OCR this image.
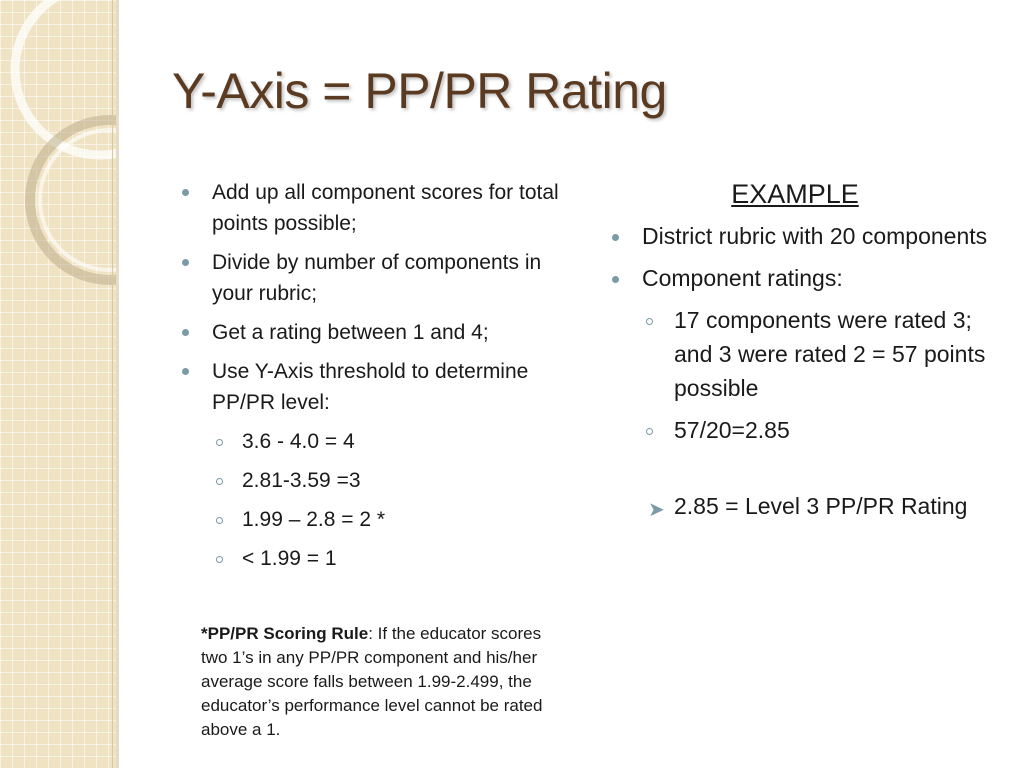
Y-Axis = PP/PR Rating
Add up all component scores for total points possible;
Divide by number of components in your rubric;
Get a rating between 1 and 4;
Use Y-Axis threshold to determine PP/PR level:
3.6 - 4.0 = 4
2.81-3.59 =3
1.99 – 2.8 = 2 *
< 1.99 = 1
*PP/PR Scoring Rule: If the educator scores two 1’s in any PP/PR component and his/her average score falls between 1.99-2.499, the educator’s performance level cannot be rated above a 1.
EXAMPLE
District rubric with 20 components
Component ratings:
17 components were rated 3; and 3 were rated 2 = 57 points possible
57/20=2.85
➤ 2.85 = Level 3 PP/PR Rating
